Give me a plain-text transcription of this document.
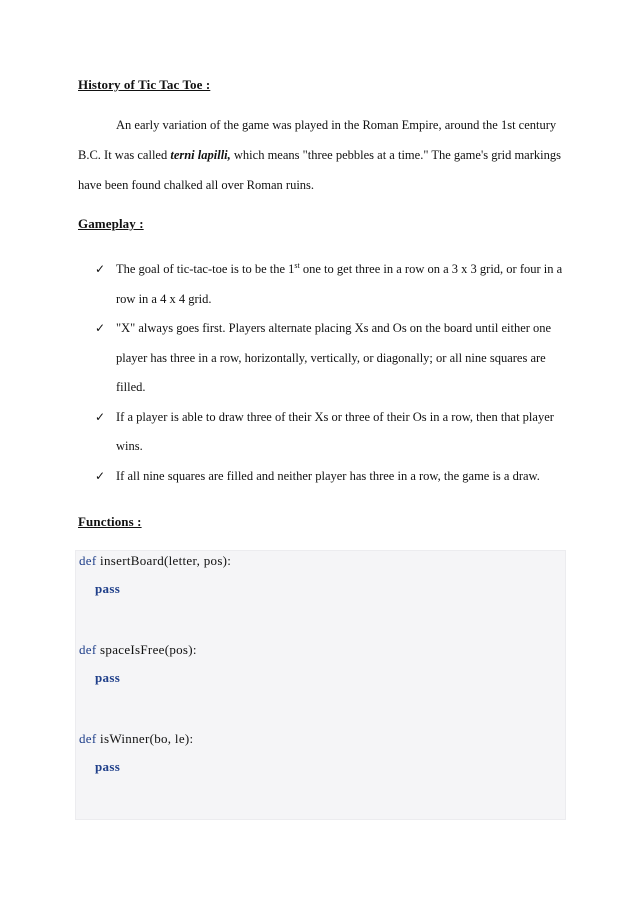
History of Tic Tac Toe :
An early variation of the game was played in the Roman Empire, around the 1st century B.C. It was called terni lapilli, which means "three pebbles at a time." The game's grid markings have been found chalked all over Roman ruins.
Gameplay :
✓ The goal of tic-tac-toe is to be the 1st one to get three in a row on a 3 x 3 grid, or four in a row in a 4 x 4 grid.
✓ "X" always goes first. Players alternate placing Xs and Os on the board until either one player has three in a row, horizontally, vertically, or diagonally; or all nine squares are filled.
✓ If a player is able to draw three of their Xs or three of their Os in a row, then that player wins.
✓ If all nine squares are filled and neither player has three in a row, the game is a draw.
Functions :
def insertBoard(letter, pos):
pass
def spaceIsFree(pos):
pass
def isWinner(bo, le):
pass
